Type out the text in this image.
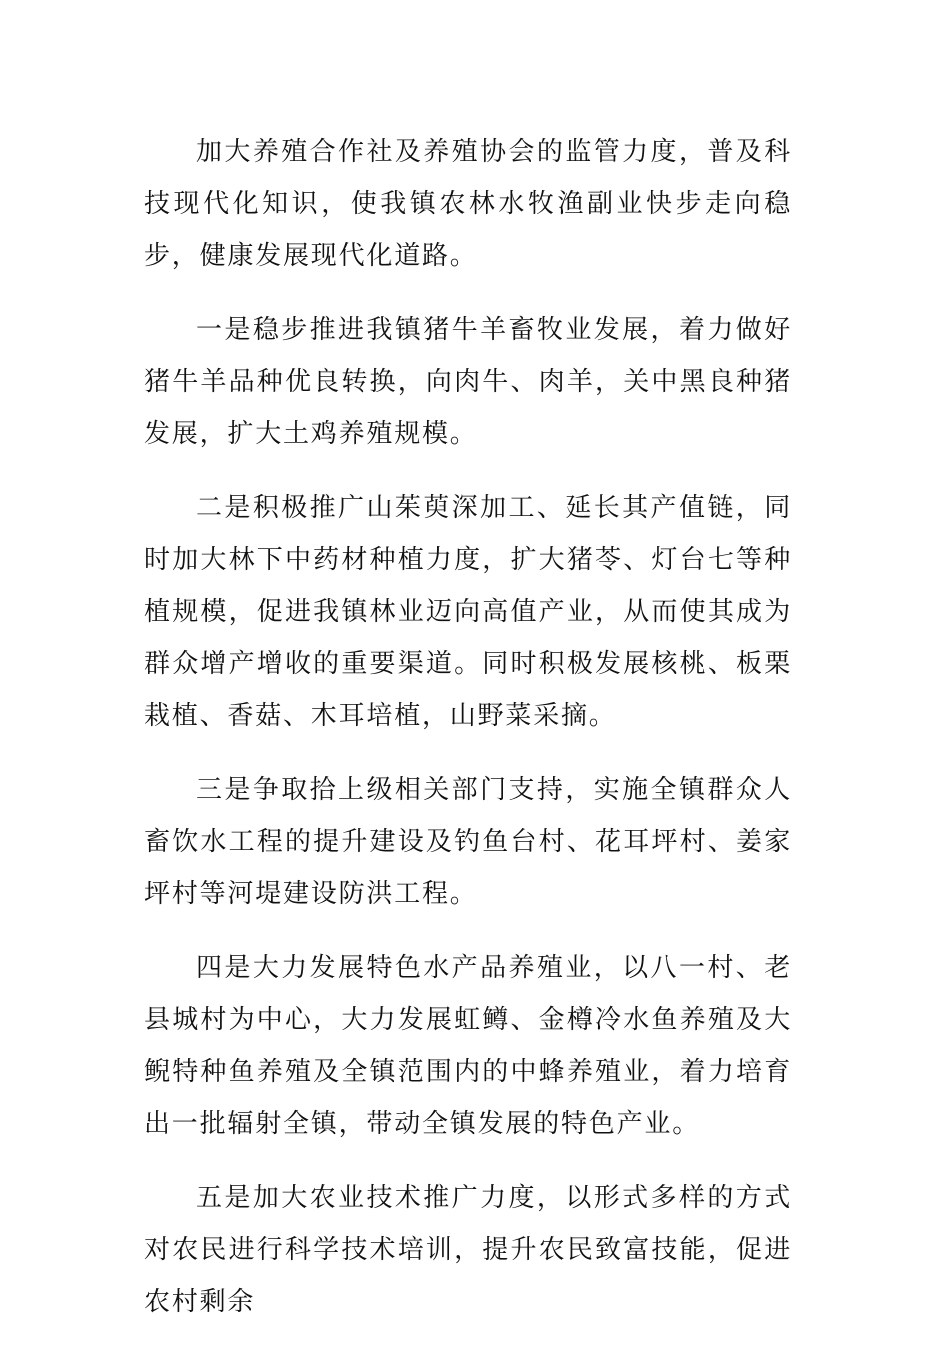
加大养殖合作社及养殖协会的监管力度，普及科技现代化知识，使我镇农林水牧渔副业快步走向稳步，健康发展现代化道路。

一是稳步推进我镇猪牛羊畜牧业发展，着力做好猪牛羊品种优良转换，向肉牛、肉羊，关中黑良种猪发展，扩大土鸡养殖规模。

二是积极推广山茱萸深加工、延长其产值链，同时加大林下中药材种植力度，扩大猪苓、灯台七等种植规模，促进我镇林业迈向高值产业，从而使其成为群众增产增收的重要渠道。同时积极发展核桃、板栗栽植、香菇、木耳培植，山野菜采摘。

三是争取拾上级相关部门支持，实施全镇群众人畜饮水工程的提升建设及钓鱼台村、花耳坪村、姜家坪村等河堤建设防洪工程。

四是大力发展特色水产品养殖业，以八一村、老县城村为中心，大力发展虹鳟、金樽冷水鱼养殖及大鲵特种鱼养殖及全镇范围内的中蜂养殖业，着力培育出一批辐射全镇，带动全镇发展的特色产业。

五是加大农业技术推广力度，以形式多样的方式对农民进行科学技术培训，提升农民致富技能，促进农村剩余
